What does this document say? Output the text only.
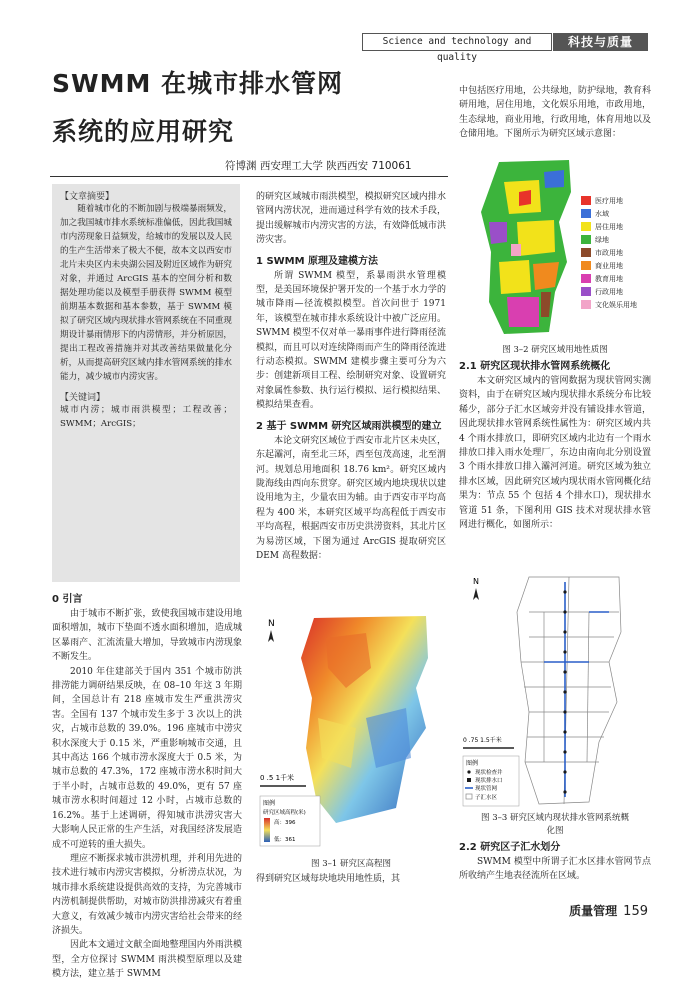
Science and technology and quality
科技与质量
SWMM 在城市排水管网
系统的应用研究
符博渊 西安理工大学 陕西西安 710061
【文章摘要】

随着城市化的不断加剧与极端暴雨频发，加之我国城市排水系统标准偏低，因此我国城市内涝现象日益频发，给城市的发展以及人民的生产生活带来了极大不便，故本文以西安市北片未央区内未央湖公园及附近区域作为研究对象，并通过 ArcGIS 基本的空间分析和数据处理功能以及模型手册获得 SWMM 模型前期基本数据和基本参数，基于 SWMM 模拟了研究区域内现状排水管网系统在不同重现期设计暴雨情形下的内涝情形，并分析原因，提出工程改善措施并对其改善结果做量化分析，从而提高研究区域内排水管网系统的排水能力，减少城市内涝灾害。

【关键词】

城市内涝；城市雨洪模型；工程改善；SWMM；ArcGIS；

0 引言

由于城市不断扩张，致使我国城市建设用地面积增加，城市下垫面不透水面积增加，造成城区暴雨产、汇流流量大增加，导致城市内涝现象不断发生。

2010 年住建部关于国内 351 个城市防洪排涝能力调研结果反映，在 08–10 年这 3 年期间，全国总计有 218 座城市发生严重洪涝灾害。全国有 137 个城市发生多于 3 次以上的洪灾，占城市总数的 39.0%。196 座城市中涝灾积水深度大于 0.15 米，严重影响城市交通，且其中高达 166 个城市涝水深度大于 0.5 米，为城市总数的 47.3%，172 座城市涝水积时间大于半小时，占城市总数的 49.0%，更有 57 座城市涝水积时间超过 12 小时，占城市总数的 16.2%。基于上述调研，得知城市洪涝灾害大大影响人民正常的生产生活，对我国经济发展造成不可逆转的重大损失。

理应不断探求城市洪涝机理，并利用先进的技术进行城市内涝灾害模拟，分析涝点状况，为城市排水系统建设提供高效的支持，为完善城市内涝机制提供帮助，对城市防洪排涝减灾有着重大意义，有效减少城市内涝灾害给社会带来的经济损失。

因此本文通过文献全面地整理国内外雨洪模型，全方位探讨 SWMM 雨洪模型原理以及建模方法，建立基于 SWMM

的研究区域城市雨洪模型，模拟研究区域内排水管网内涝状况，进而通过科学有效的技术手段，提出缓解城市内涝灾害的方法，有效降低城市洪涝灾害。

1 SWMM 原理及建模方法

所谓 SWMM 模型，系暴雨洪水管理模型，是美国环境保护署开发的一个基于水力学的城市降雨—径流模拟模型。首次问世于 1971 年，该模型在城市排水系统设计中被广泛应用。SWMM 模型不仅对单一暴雨事件进行降雨径流模拟，而且可以对连续降雨而产生的降雨径流进行动态模拟。SWMM 建模步骤主要可分为六步：创建新项目工程、绘制研究对象、设置研究对象属性参数、执行运行模拟、运行模拟结果、模拟结果查看。

2 基于 SWMM 研究区域雨洪模型的建立

本论文研究区域位于西安市北片区未央区，东起灞河，南至北三环，西至包茂高速，北至渭河。规划总用地面积 18.76 km²。研究区域内陇海线由西向东贯穿。研究区域内地块现状以建设用地为主，少量农田为辅。由于西安市平均高程为 400 米，本研究区域平均高程低于西安市平均高程，根据西安市历史洪涝资料，其北片区为易涝区域，下图为通过 ArcGIS 提取研究区 DEM 高程数据：

N
0 .5 1千米
图例
研究区域高程(米)
高：396
低：361
图 3–1 研究区高程图
得到研究区域每块地块用地性质，其

中包括医疗用地，公共绿地，防护绿地，教育科研用地，居住用地，文化娱乐用地，市政用地，生态绿地，商业用地，行政用地，体育用地以及仓储用地。下图所示为研究区域示意图：

医疗用地
水域
居住用地
绿地
市政用地
商业用地
教育用地
行政用地
文化娱乐用地
图 3–2 研究区域用地性质图
2.1 研究区现状排水管网系统概化

本文研究区域内的管网数据为现状管网实测资料，由于在研究区域内现状排水系统分布比较稀少，部分子汇水区域旁并没有铺设排水管道，因此现状排水管网系统性属性为：研究区域内共 4 个雨水排放口，即研究区域内北边有一个雨水排放口排入雨水处理厂，东边由南向北分别设置 3 个雨水排放口排入灞河河道。研究区域为独立排水区域，因此研究区域内现状雨水管网概化结果为：节点 55 个 包括 4 个排水口)，现状排水管道 51 条，下图利用 GIS 技术对现状排水管网进行概化，如图所示：

N
0 .75 1.5千米
图例
现状检查井
现状排水口
现状管网
子汇水区
图 3–3 研究区域内现状排水管网系统概
化图
2.2 研究区子汇水划分

SWMM 模型中所谓子汇水区排水管网节点所收纳产生地表径流所在区域。

质量管理 159
